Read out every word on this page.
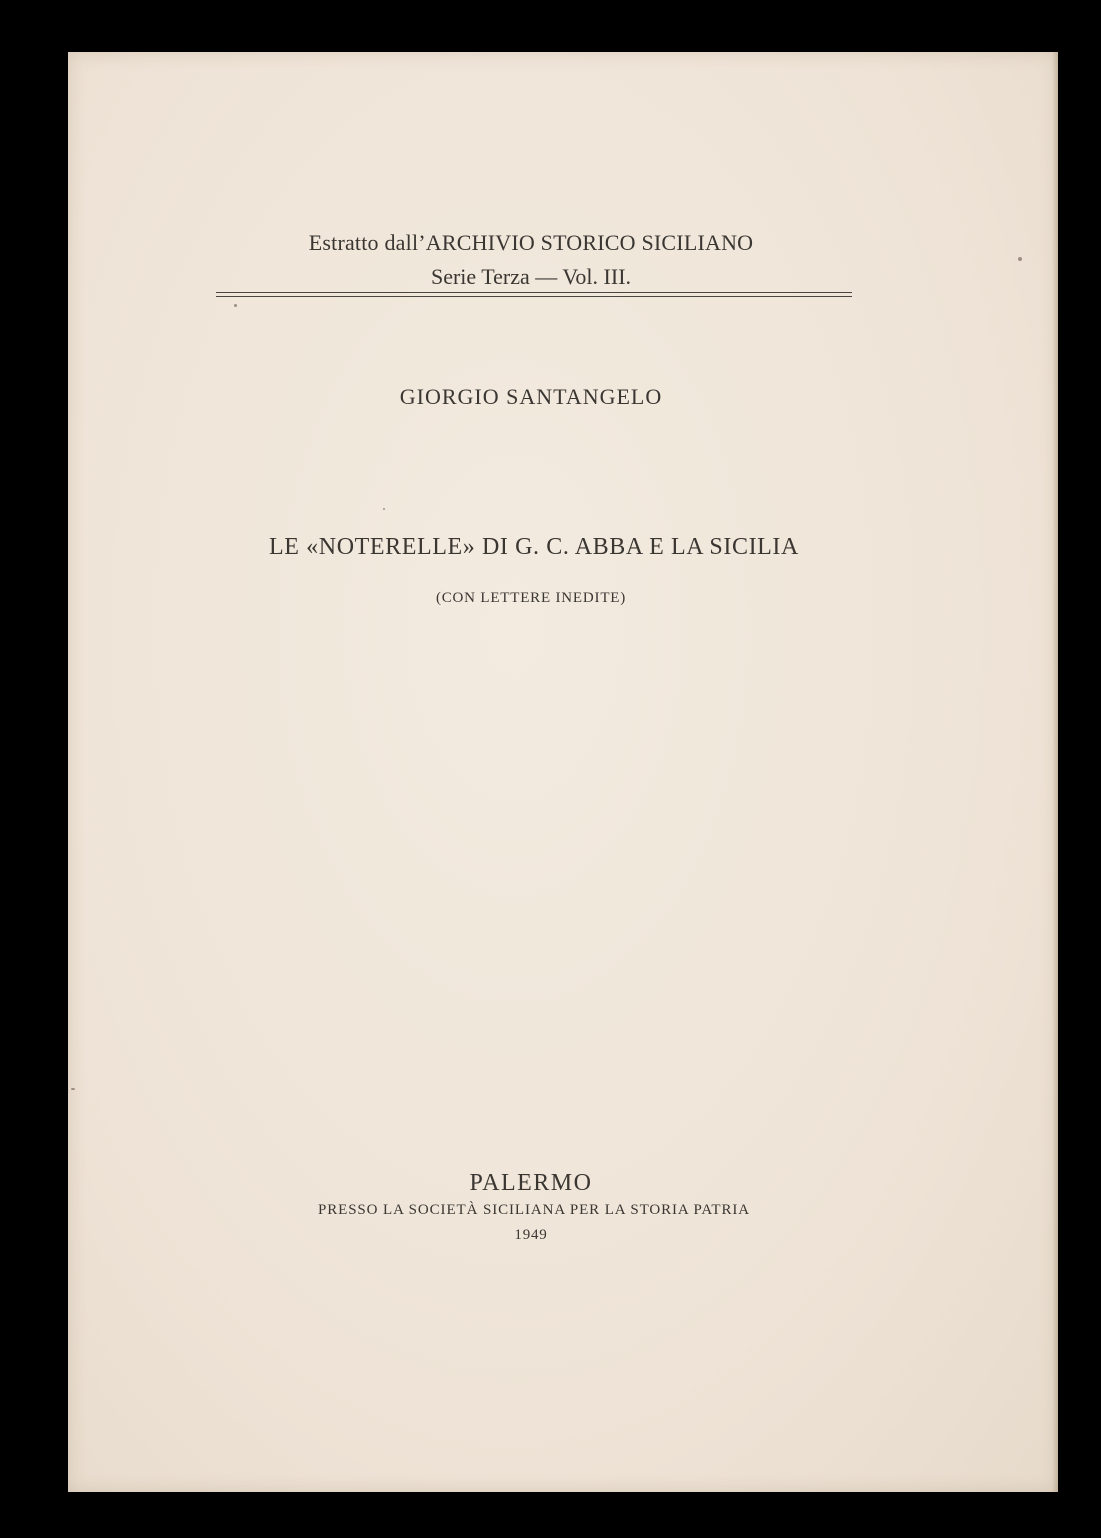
Estratto dall’ARCHIVIO STORICO SICILIANO
Serie Terza — Vol. III.
GIORGIO SANTANGELO
LE «NOTERELLE» DI G. C. ABBA E LA SICILIA
(CON LETTERE INEDITE)
PALERMO
PRESSO LA SOCIETÀ SICILIANA PER LA STORIA PATRIA
1949
